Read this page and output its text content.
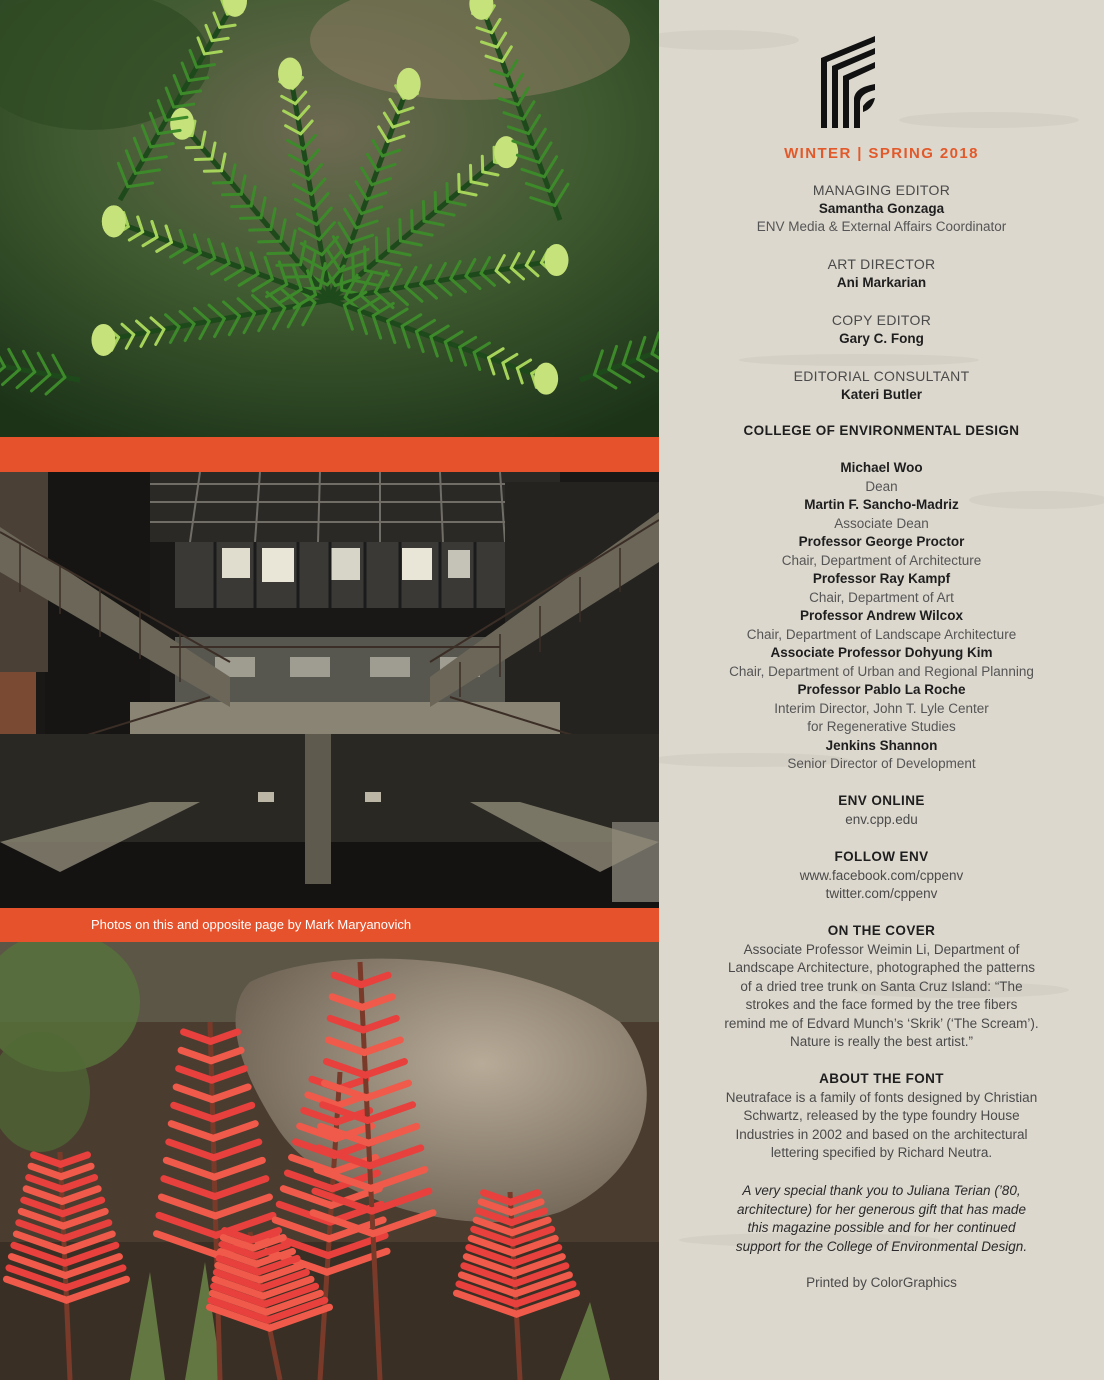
Photos on this and opposite page by Mark Maryanovich
WINTER | SPRING 2018
MANAGING EDITOR
Samantha Gonzaga
ENV Media & External Affairs Coordinator
ART DIRECTOR
Ani Markarian
COPY EDITOR
Gary C. Fong
EDITORIAL CONSULTANT
Kateri Butler
COLLEGE OF ENVIRONMENTAL DESIGN
Michael Woo
Dean
Martin F. Sancho-Madriz
Associate Dean
Professor George Proctor
Chair, Department of Architecture
Professor Ray Kampf
Chair, Department of Art
Professor Andrew Wilcox
Chair, Department of Landscape Architecture
Associate Professor Dohyung Kim
Chair, Department of Urban and Regional Planning
Professor Pablo La Roche
Interim Director, John T. Lyle Center
for Regenerative Studies
Jenkins Shannon
Senior Director of Development
ENV ONLINE
env.cpp.edu
FOLLOW ENV
www.facebook.com/cppenv
twitter.com/cppenv
ON THE COVER
Associate Professor Weimin Li, Department of
Landscape Architecture, photographed the patterns
of a dried tree trunk on Santa Cruz Island: “The
strokes and the face formed by the tree fibers
remind me of Edvard Munch’s ‘Skrik’ (‘The Scream’).
Nature is really the best artist.”
ABOUT THE FONT
Neutraface is a family of fonts designed by Christian
Schwartz, released by the type foundry House
Industries in 2002 and based on the architectural
lettering specified by Richard Neutra.
A very special thank you to Juliana Terian (’80,
architecture) for her generous gift that has made
this magazine possible and for her continued
support for the College of Environmental Design.
Printed by ColorGraphics
